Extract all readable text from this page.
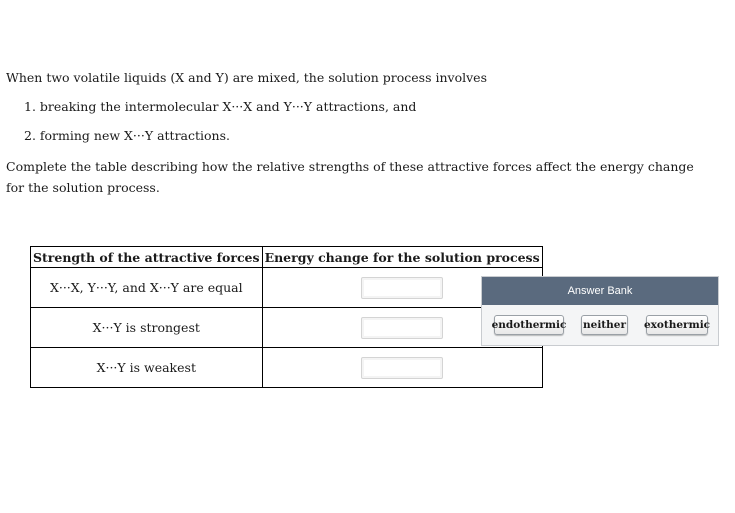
When two volatile liquids (X and Y) are mixed, the solution process involves

1. breaking the intermolecular X···X and Y···Y attractions, and

2. forming new X···Y attractions.

Complete the table describing how the relative strengths of these attractive forces affect the energy change for the solution process.

Strength of the attractive forces	Energy change for the solution process
X···X, Y···Y, and X···Y are equal	
X···Y is strongest	
X···Y is weakest	
Answer Bank
endothermic neither exothermic
